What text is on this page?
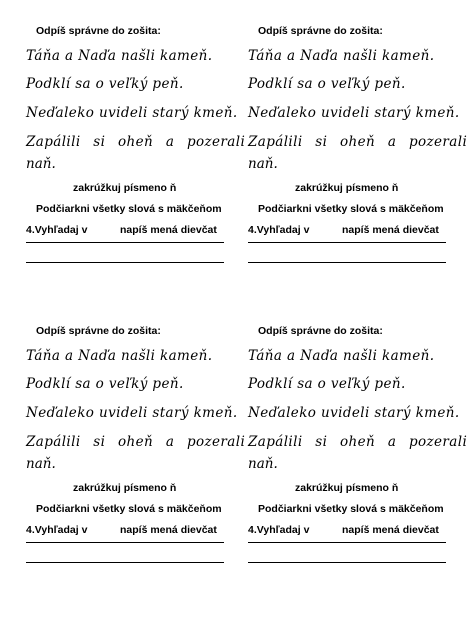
Odpíš správne do zošita:
Táňa a Naďa našli kameň.
Podklí sa o veľký peň.
Neďaleko uvideli starý kmeň.
Zapálili si oheň a pozerali
naň.
zakrúžkuj písmeno ň
Podčiarkni všetky slová s mäkčeňom
4.Vyhľadaj v	napíš mená dievčat
Odpíš správne do zošita:
Táňa a Naďa našli kameň.
Podklí sa o veľký peň.
Neďaleko uvideli starý kmeň.
Zapálili si oheň a pozerali
naň.
zakrúžkuj písmeno ň
Podčiarkni všetky slová s mäkčeňom
4.Vyhľadaj v	napíš mená dievčat
Odpíš správne do zošita:
Táňa a Naďa našli kameň.
Podklí sa o veľký peň.
Neďaleko uvideli starý kmeň.
Zapálili si oheň a pozerali
naň.
zakrúžkuj písmeno ň
Podčiarkni všetky slová s mäkčeňom
4.Vyhľadaj v	napíš mená dievčat
Odpíš správne do zošita:
Táňa a Naďa našli kameň.
Podklí sa o veľký peň.
Neďaleko uvideli starý kmeň.
Zapálili si oheň a pozerali
naň.
zakrúžkuj písmeno ň
Podčiarkni všetky slová s mäkčeňom
4.Vyhľadaj v	napíš mená dievčat
